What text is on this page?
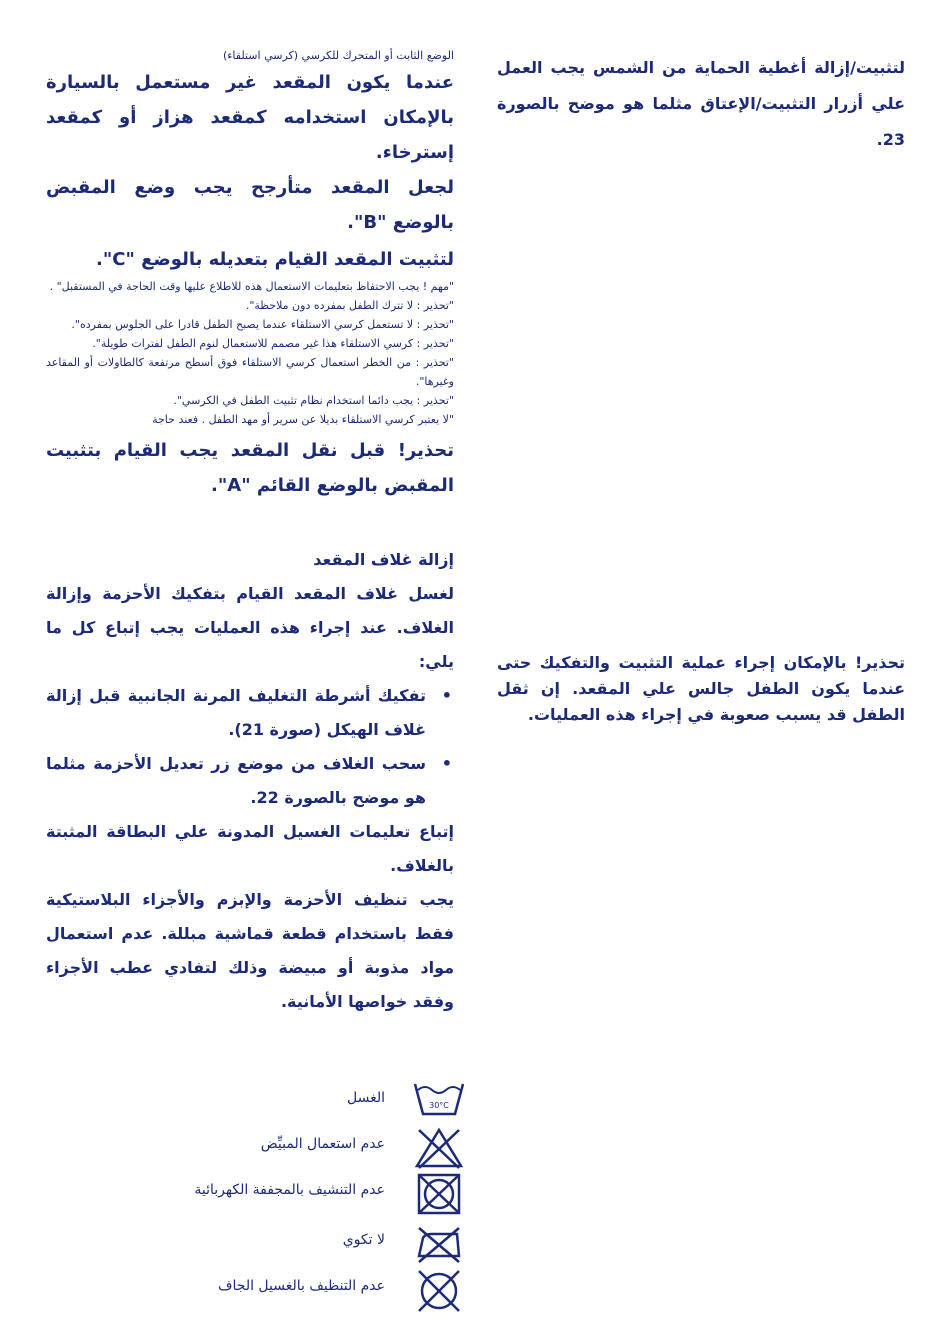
الوضع الثابت أو المتحرك للكرسي (كرسي استلقاء)

عندما يكون المقعد غير مستعمل بالسيارة بالإمكان استخدامه كمقعد هزاز أو كمقعد إسترخاء.

لجعل المقعد متأرجح يجب وضع المقبض بالوضع "B".

لتثبيت المقعد القيام بتعديله بالوضع "C".

"مهم ! يجب الاحتفاظ بتعليمات الاستعمال هذه للاطلاع عليها وقت الحاجة في المستقبل" .

"تحذير : لا تترك الطفل بمفرده دون ملاحظة".

"تحذير : لا تستعمل كرسي الاستلقاء عندما يصبح الطفل قادرا على الجلوس بمفرده".

"تحذير : كرسي الاستلقاء هذا غير مصمم للاستعمال لنوم الطفل لفترات طويلة".

"تحذير : من الخطر استعمال كرسي الاستلقاء فوق أسطح مرتفعة كالطاولات أو المقاعد وغيرها".

"تحذير : يجب دائما استخدام نظام تثبيت الطفل في الكرسي".

"لا يعتبر كرسي الاستلقاء بديلا عن سرير أو مهد الطفل . فعند حاجة

تحذير! قبل نقل المقعد يجب القيام بتثبيت المقبض بالوضع القائم "A".

إزالة غلاف المقعد

لغسل غلاف المقعد القيام بتفكيك الأحزمة وإزالة الغلاف. عند إجراء هذه العمليات يجب إتباع كل ما يلي:

•
تفكيك أشرطة التغليف المرنة الجانبية قبل إزالة غلاف الهيكل (صورة 21).
•
سحب الغلاف من موضع زر تعديل الأحزمة مثلما هو موضح بالصورة 22.

إتباع تعليمات الغسيل المدونة علي البطاقة المثبتة بالغلاف.

يجب تنظيف الأحزمة والإبزم والأجزاء البلاستيكية فقط باستخدام قطعة قماشية مبللة. عدم استعمال مواد مذوبة أو مبيضة وذلك لتفادي عطب الأجزاء وفقد خواصها الأمانية.

لتثبيت/إزالة أغطية الحماية من الشمس يجب العمل علي أزرار التثبيت/الإعتاق مثلما هو موضح بالصورة 23.

تحذير! بالإمكان إجراء عملية التثبيت والتفكيك حتى عندما يكون الطفل جالس علي المقعد. إن ثقل الطفل قد يسبب صعوبة في إجراء هذه العمليات.

الغسل	30°C
عدم استعمال المبيِّض
عدم التنشيف بالمجففة الكهربائية
لا تكوي
عدم التنظيف بالغسيل الجاف
